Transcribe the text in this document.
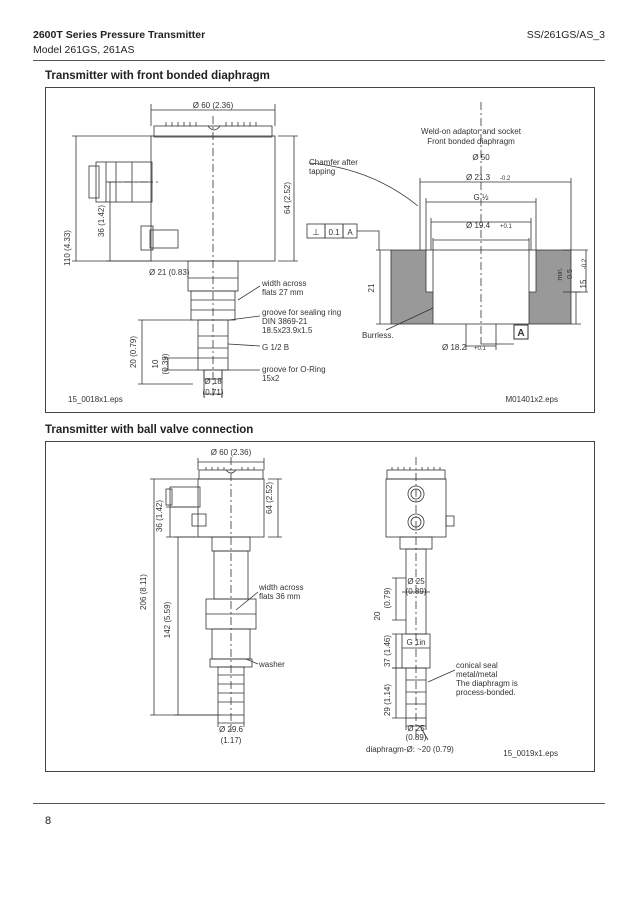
2600T Series Pressure Transmitter
Model 261GS, 261AS
SS/261GS/AS_3
Transmitter with front bonded diaphragm
Ø 60 (2.36)
64 (2.52)
36 (1.42)
110 (4.33)
Ø 21 (0.83)
20 (0.79) 10 (0.39)
Ø 18
(0.71)
width across
flats 27 mm
groove for sealing ring
DIN 3869-21
18.5x23.9x1.5
G 1/2 B
groove for O-Ring
15x2
15_0018x1.eps
Weld-on adaptor and socket
Front bonded diaphragm
Chamfer after
tapping
Ø 50
Ø 21.3 -0.2
G ½
Ø 19.4 +0.1
⊥ 0.1 A
21
min. 0.5
15
-0.2
Burrless.
Ø 18.2 +0.1
A
M01401x2.eps
Transmitter with ball valve connection
Ø 60 (2.36)
64 (2.52)
36 (1.42)
206 (8.11)
142 (5.59)
Ø 29.6
(1.17)
width across
flats 36 mm
washer
Ø 25
(0.89)
20
(0.79)
G 1in
37 (1.46)
29 (1.14)
Ø 25
(0.89)
conical seal
metal/metal
The diaphragm is
process-bonded.
diaphragm-Ø: ~20 (0.79)	15_0019x1.eps
8
